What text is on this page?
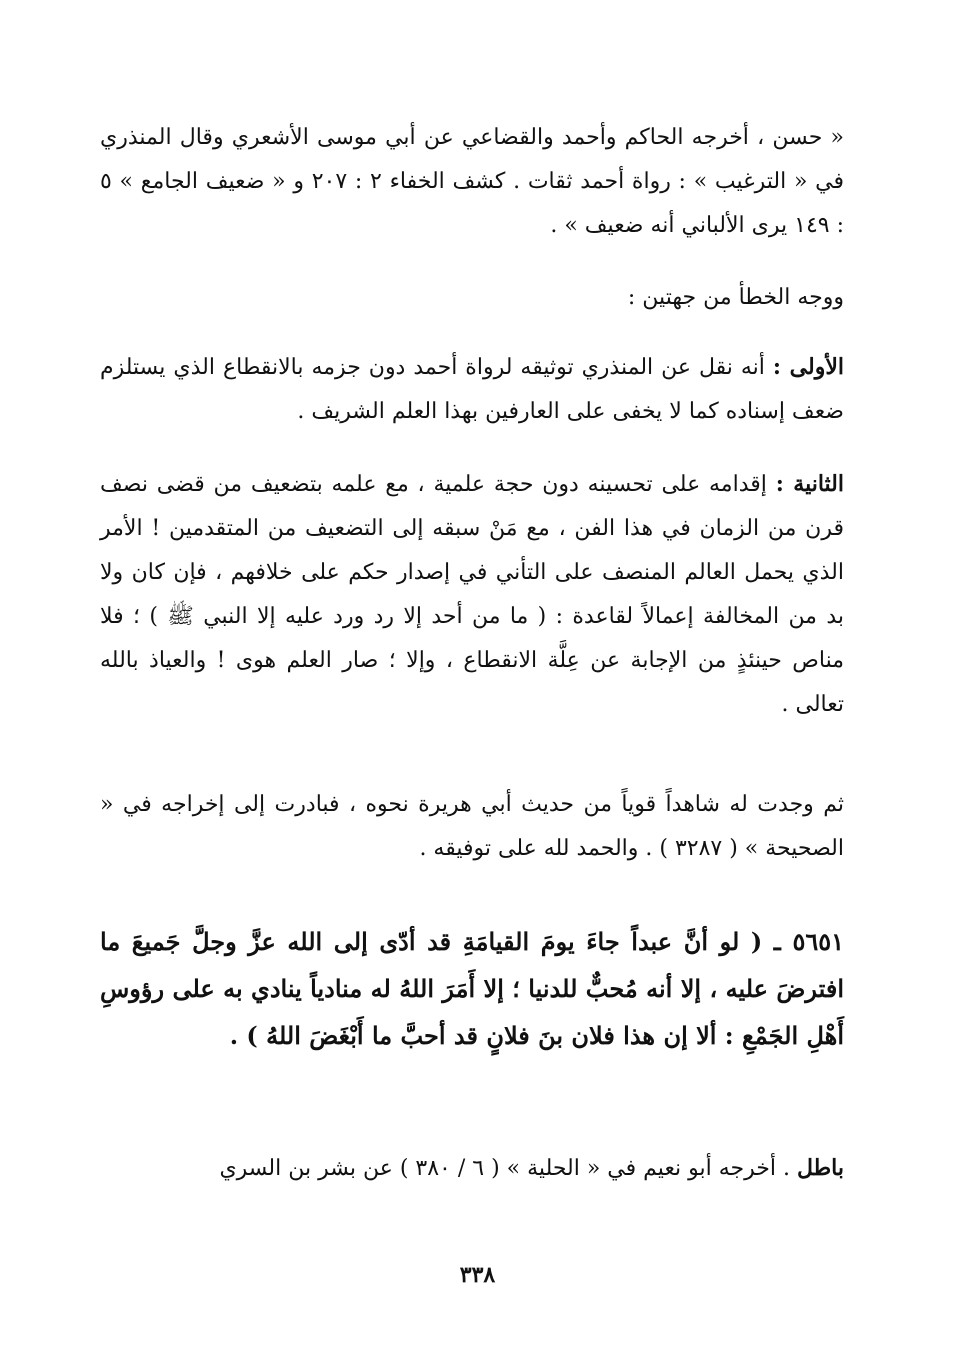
« حسن ، أخرجه الحاكم وأحمد والقضاعي عن أبي موسى الأشعري وقال المنذري في « الترغيب » : رواة أحمد ثقات . كشف الخفاء ٢ : ٢٠٧ و « ضعيف الجامع » ٥ : ١٤٩ يرى الألباني أنه ضعيف » .

ووجه الخطأ من جهتين :

الأولى : أنه نقل عن المنذري توثيقه لرواة أحمد دون جزمه بالانقطاع الذي يستلزم ضعف إسناده كما لا يخفى على العارفين بهذا العلم الشريف .

الثانية : إقدامه على تحسينه دون حجة علمية ، مع علمه بتضعيف من قضى نصف قرن من الزمان في هذا الفن ، مع مَنْ سبقه إلى التضعيف من المتقدمين ! الأمر الذي يحمل العالم المنصف على التأني في إصدار حكم على خلافهم ، فإن كان ولا بد من المخالفة إعمالاً لقاعدة : ( ما من أحد إلا رد ورد عليه إلا النبي ﷺ ) ؛ فلا مناص حينئذٍ من الإجابة عن عِلَّة الانقطاع ، وإلا ؛ صار العلم هوى ! والعياذ بالله تعالى .

ثم وجدت له شاهداً قوياً من حديث أبي هريرة نحوه ، فبادرت إلى إخراجه في « الصحيحة » ( ٣٢٨٧ ) . والحمد لله على توفيقه .

٥٦٥١ ـ ( لو أنَّ عبداً جاءَ يومَ القيامَةِ قد أدّى إلى الله عزَّ وجلَّ جَميعَ ما افترضَ عليه ، إلا أنه مُحبٌّ للدنيا ؛ إلا أَمَرَ اللهُ له منادياً ينادي به على رؤوسِ أَهْلِ الجَمْعِ : ألا إن هذا فلان بنَ فلانٍ قد أحبَّ ما أَبْغَضَ اللهُ ) .

باطل . أخرجه أبو نعيم في « الحلية » ( ٦ / ٣٨٠ ) عن بشر بن السري

٣٣٨
